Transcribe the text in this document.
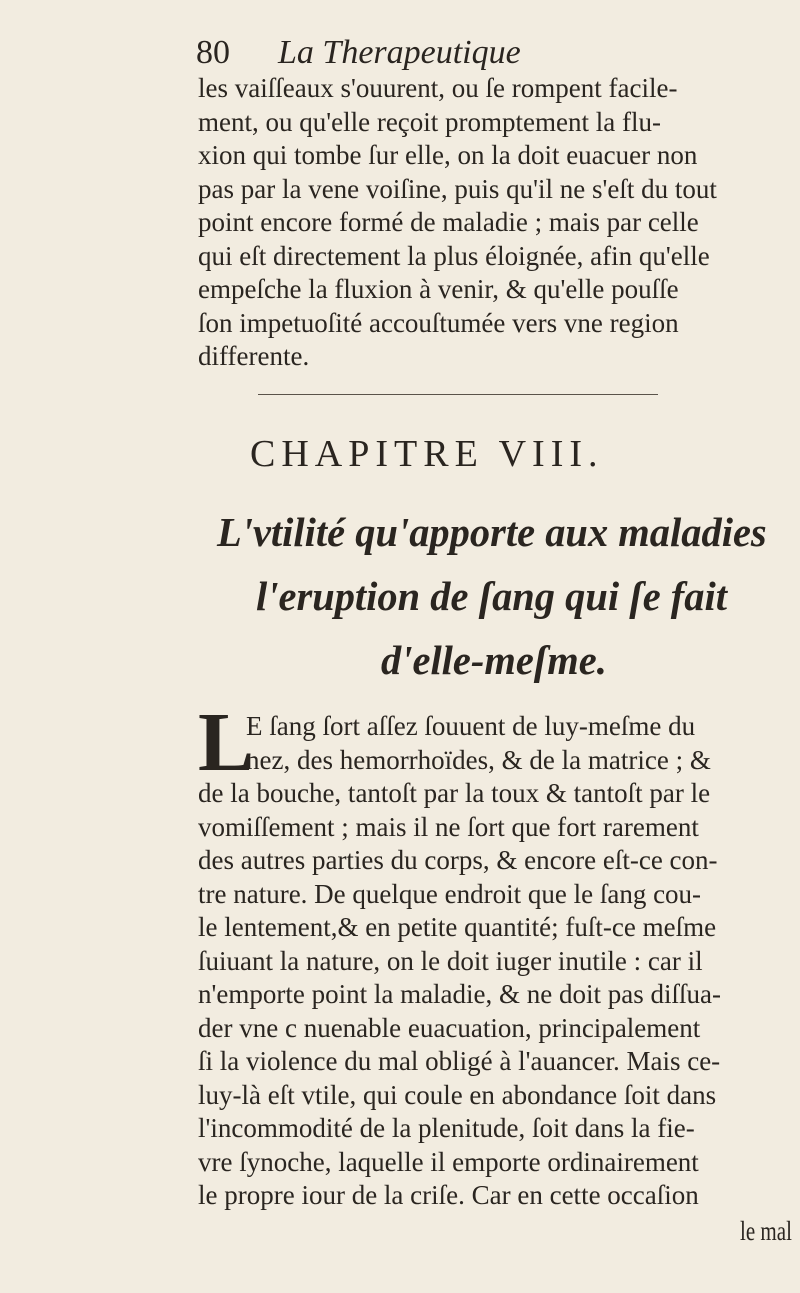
80 La Therapeutique
les vaiſſeaux s'ouurent, ou ſe rompent facile-
ment, ou qu'elle reçoit promptement la flu-
xion qui tombe ſur elle, on la doit euacuer non
pas par la vene voiſine, puis qu'il ne s'eſt du tout
point encore formé de maladie ; mais par celle
qui eſt directement la plus éloignée, afin qu'elle
empeſche la fluxion à venir, & qu'elle pouſſe
ſon impetuoſité accouſtumée vers vne region
differente.
CHAPITRE VIII.
L'vtilité qu'apporte aux maladies l'eruption de ſang qui ſe fait d'elle-meſme.
L
E ſang ſort aſſez ſouuent de luy-meſme du
nez, des hemorrhoïdes, & de la matrice ; &
de la bouche, tantoſt par la toux & tantoſt par le
vomiſſement ; mais il ne ſort que fort rarement
des autres parties du corps, & encore eſt-ce con-
tre nature. De quelque endroit que le ſang cou-
le lentement,& en petite quantité; fuſt-ce meſme
ſuiuant la nature, on le doit iuger inutile : car il
n'emporte point la maladie, & ne doit pas diſſua-
der vne c nuenable euacuation, principalement
ſi la violence du mal obligé à l'auancer. Mais ce-
luy-là eſt vtile, qui coule en abondance ſoit dans
l'incommodité de la plenitude, ſoit dans la fie-
vre ſynoche, laquelle il emporte ordinairement
le propre iour de la criſe. Car en cette occaſion
le mal
